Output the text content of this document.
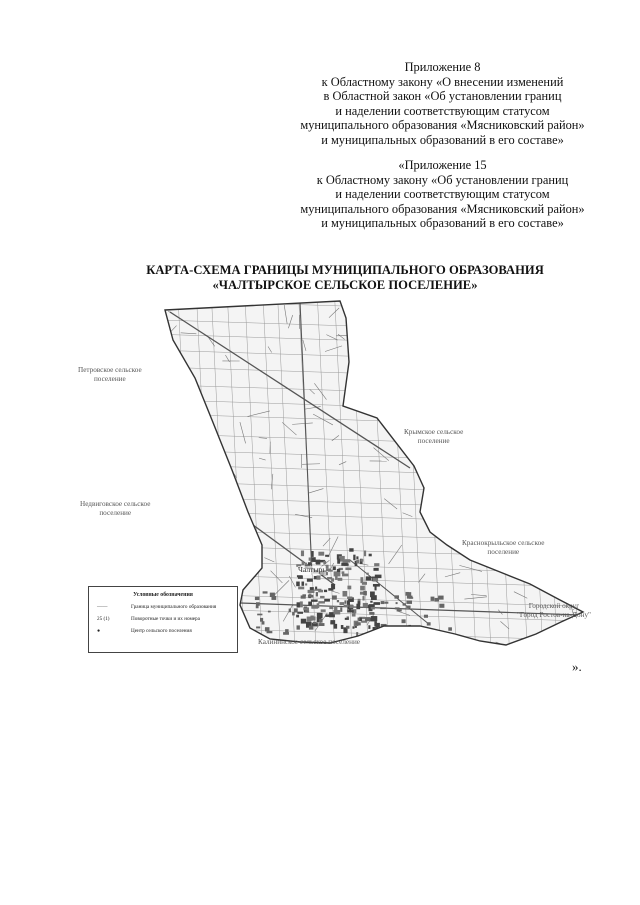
Приложение 8
к Областному закону «О внесении изменений
в Областной закон «Об установлении границ
и наделении соответствующим статусом
муниципального образования «Мясниковский район»
и муниципальных образований в его составе»
«Приложение 15
к Областному закону «Об установлении границ
и наделении соответствующим статусом
муниципального образования «Мясниковский район»
и муниципальных образований в его составе»
КАРТА-СХЕМА ГРАНИЦЫ МУНИЦИПАЛЬНОГО ОБРАЗОВАНИЯ
«ЧАЛТЫРСКОЕ СЕЛЬСКОЕ ПОСЕЛЕНИЕ»
Петровское сельское
поселение
Крымское сельское
поселение
Недвиговское сельское
поселение
Краснокрыльское сельское
поселение
Городской округ
"Город Ростов-на-Дону"
Калининское сельское поселение
Чалтырь
Условные обозначения
——	Граница муниципального образования
25 (1)	Поворотные точки и их номера
●	Центр сельского поселения
».
